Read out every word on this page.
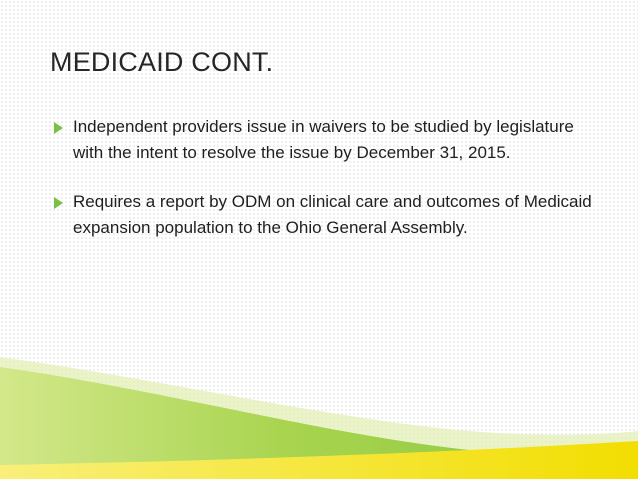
MEDICAID CONT.
Independent providers issue in waivers to be studied by legislature with the intent to resolve the issue by December 31, 2015.
Requires a report by ODM on clinical care and outcomes of Medicaid expansion population to the Ohio General Assembly.
